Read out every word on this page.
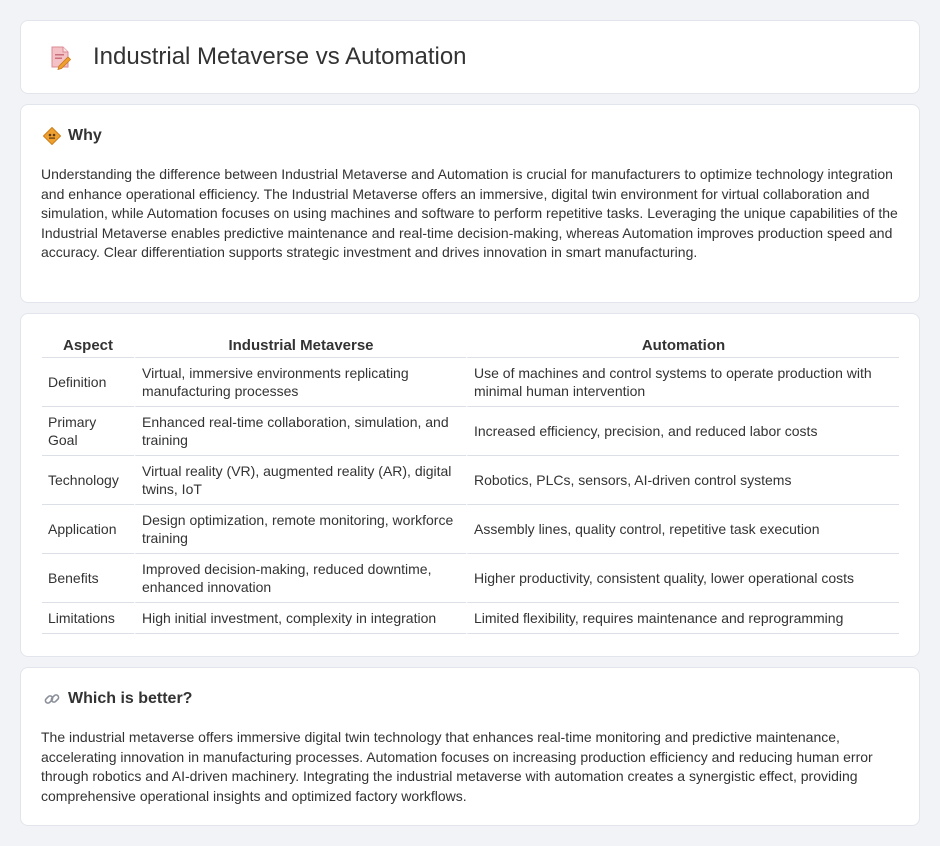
Industrial Metaverse vs Automation
Why

Understanding the difference between Industrial Metaverse and Automation is crucial for manufacturers to optimize technology integration and enhance operational efficiency. The Industrial Metaverse offers an immersive, digital twin environment for virtual collaboration and simulation, while Automation focuses on using machines and software to perform repetitive tasks. Leveraging the unique capabilities of the Industrial Metaverse enables predictive maintenance and real-time decision-making, whereas Automation improves production speed and accuracy. Clear differentiation supports strategic investment and drives innovation in smart manufacturing.

Aspect	Industrial Metaverse	Automation
Definition	Virtual, immersive environments replicating manufacturing processes	Use of machines and control systems to operate production with minimal human intervention
Primary Goal	Enhanced real-time collaboration, simulation, and training	Increased efficiency, precision, and reduced labor costs
Technology	Virtual reality (VR), augmented reality (AR), digital twins, IoT	Robotics, PLCs, sensors, AI-driven control systems
Application	Design optimization, remote monitoring, workforce training	Assembly lines, quality control, repetitive task execution
Benefits	Improved decision-making, reduced downtime, enhanced innovation	Higher productivity, consistent quality, lower operational costs
Limitations	High initial investment, complexity in integration	Limited flexibility, requires maintenance and reprogramming
Which is better?

The industrial metaverse offers immersive digital twin technology that enhances real-time monitoring and predictive maintenance, accelerating innovation in manufacturing processes. Automation focuses on increasing production efficiency and reducing human error through robotics and AI-driven machinery. Integrating the industrial metaverse with automation creates a synergistic effect, providing comprehensive operational insights and optimized factory workflows.
